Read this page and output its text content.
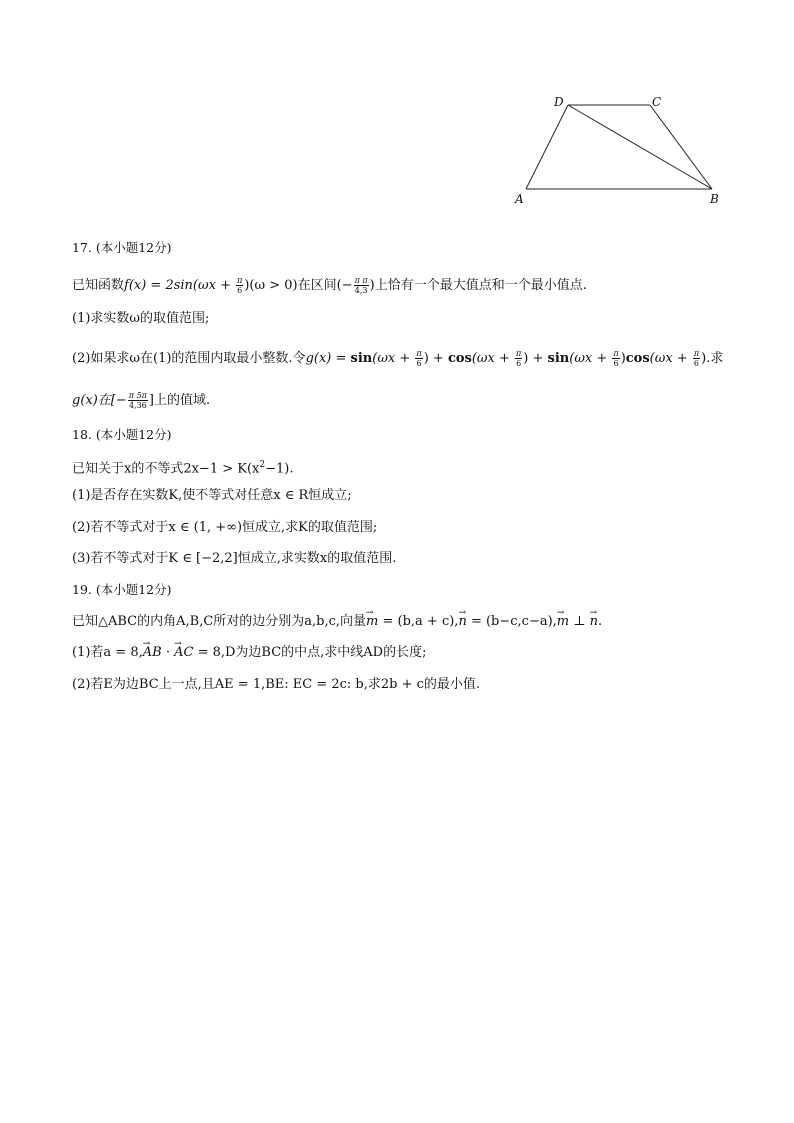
D	C
A	B
17. (本小题12分)
已知函数$f(x) = 2\sin(\omega x + \frac{\pi}{6} )(\omega > 0)$在区间(− $\frac{\text{π π}}{4,3}$ )上恰有一个最大值点和一个最小值点.
(1)求实数ω的取值范围;
(2)如果求ω在(1)的范围内取最小整数.令$g(x) = \sin(\omega x + \frac{\pi}{6}$ ) + $\cos(\omega x + \frac{\pi}{6}$ ) + $\sin(\omega x + \frac{\pi}{6} )\cos(\omega x + \frac{\pi}{6}$ ).求
g(x)在[− $\frac{\pi 5\pi}{4,36}$ ]上的值域.
18. (本小题12分)
已知关于x的不等式$2x-1 > K(x^2-1)$.
(1)是否存在实数K,使不等式对任意x ∈ R恒成立;
(2)若不等式对于x ∈ (1, +∞)恒成立,求K的取值范围;
(3)若不等式对于K ∈ [−2,2]恒成立,求实数x的取值范围.
19. (本小题12分)
已知△ABC的内角A,B,C所对的边分别为a,b,c,向量→ m = (b,a + c),→ n = (b−c,c−a),→ m ⊥ → n.
(1)若a = 8,→ AB · → AC = 8,D为边BC的中点,求中线AD的长度;
(2)若E为边BC上一点,且AE = 1,BE: EC = 2c: b,求2b + c的最小值.
